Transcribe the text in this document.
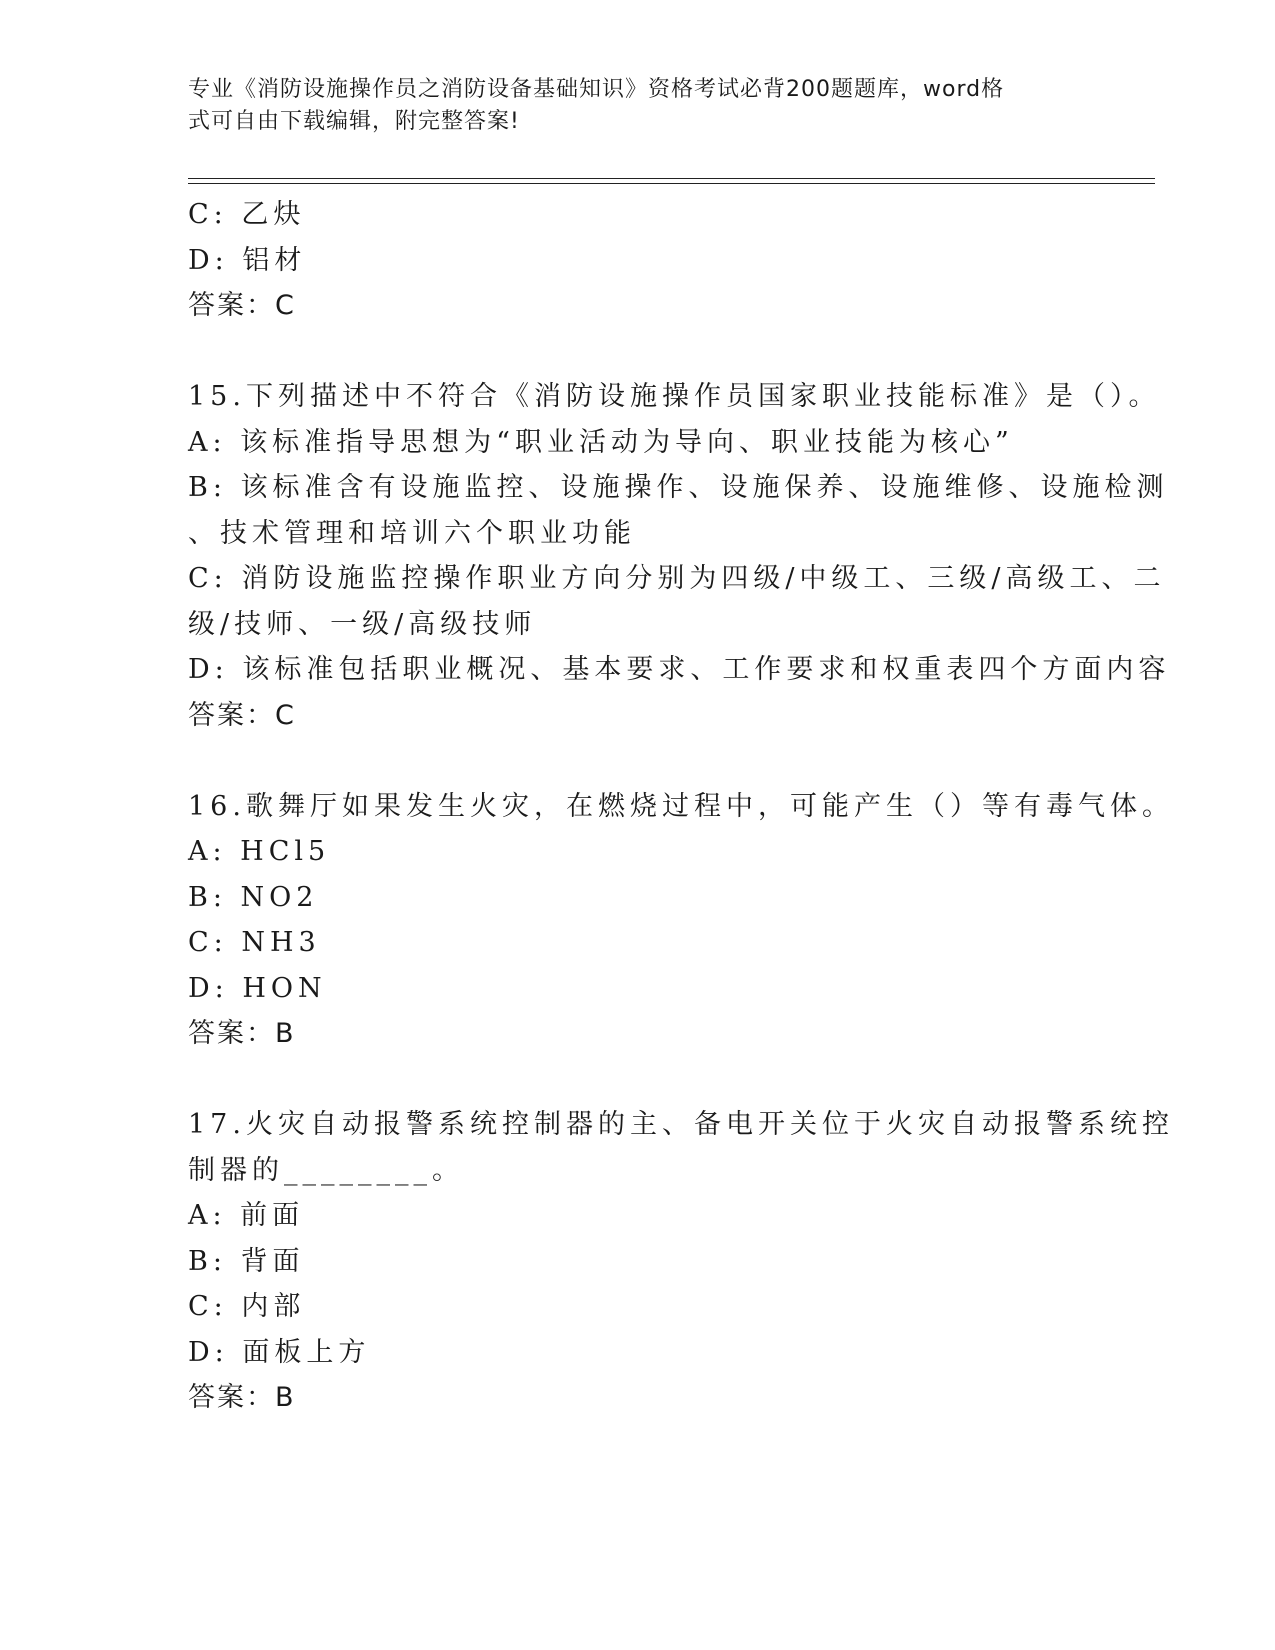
专业《消防设施操作员之消防设备基础知识》资格考试必背200题题库，word格
式可自由下载编辑，附完整答案!
C: 乙炔
D: 铝材
答案：C
15.下列描述中不符合《消防设施操作员国家职业技能标准》是（）。
A: 该标准指导思想为“职业活动为导向、职业技能为核心”
B: 该标准含有设施监控、设施操作、设施保养、设施维修、设施检测
、技术管理和培训六个职业功能
C: 消防设施监控操作职业方向分别为四级/中级工、三级/高级工、二
级/技师、一级/高级技师
D: 该标准包括职业概况、基本要求、工作要求和权重表四个方面内容
答案：C
16.歌舞厅如果发生火灾，在燃烧过程中，可能产生（）等有毒气体。
A: HCl5
B: NO2
C: NH3
D: HON
答案：B
17.火灾自动报警系统控制器的主、备电开关位于火灾自动报警系统控
制器的________。
A: 前面
B: 背面
C: 内部
D: 面板上方
答案：B
